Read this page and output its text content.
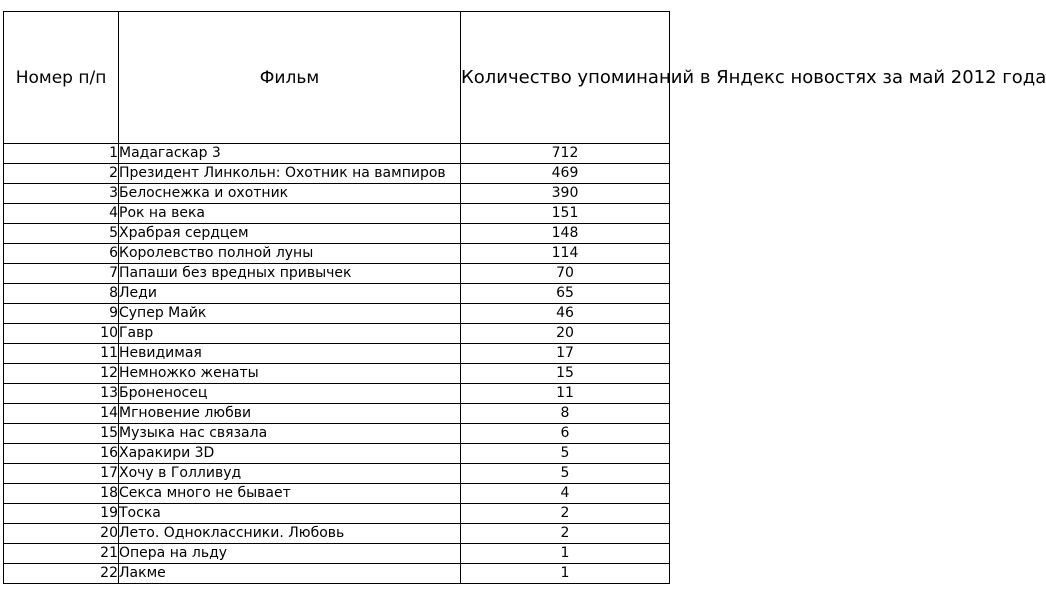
Номер п/п	Фильм	Количество упоминаний в Яндекс новостях за май 2012 года
1	Мадагаскар 3	712
2	Президент Линкольн: Охотник на вампиров	469
3	Белоснежка и охотник	390
4	Рок на века	151
5	Храбрая сердцем	148
6	Королевство полной луны	114
7	Папаши без вредных привычек	70
8	Леди	65
9	Супер Майк	46
10	Гавр	20
11	Невидимая	17
12	Немножко женаты	15
13	Броненосец	11
14	Мгновение любви	8
15	Музыка нас связала	6
16	Харакири 3D	5
17	Хочу в Голливуд	5
18	Секса много не бывает	4
19	Тоска	2
20	Лето. Одноклассники. Любовь	2
21	Опера на льду	1
22	Лакме	1
